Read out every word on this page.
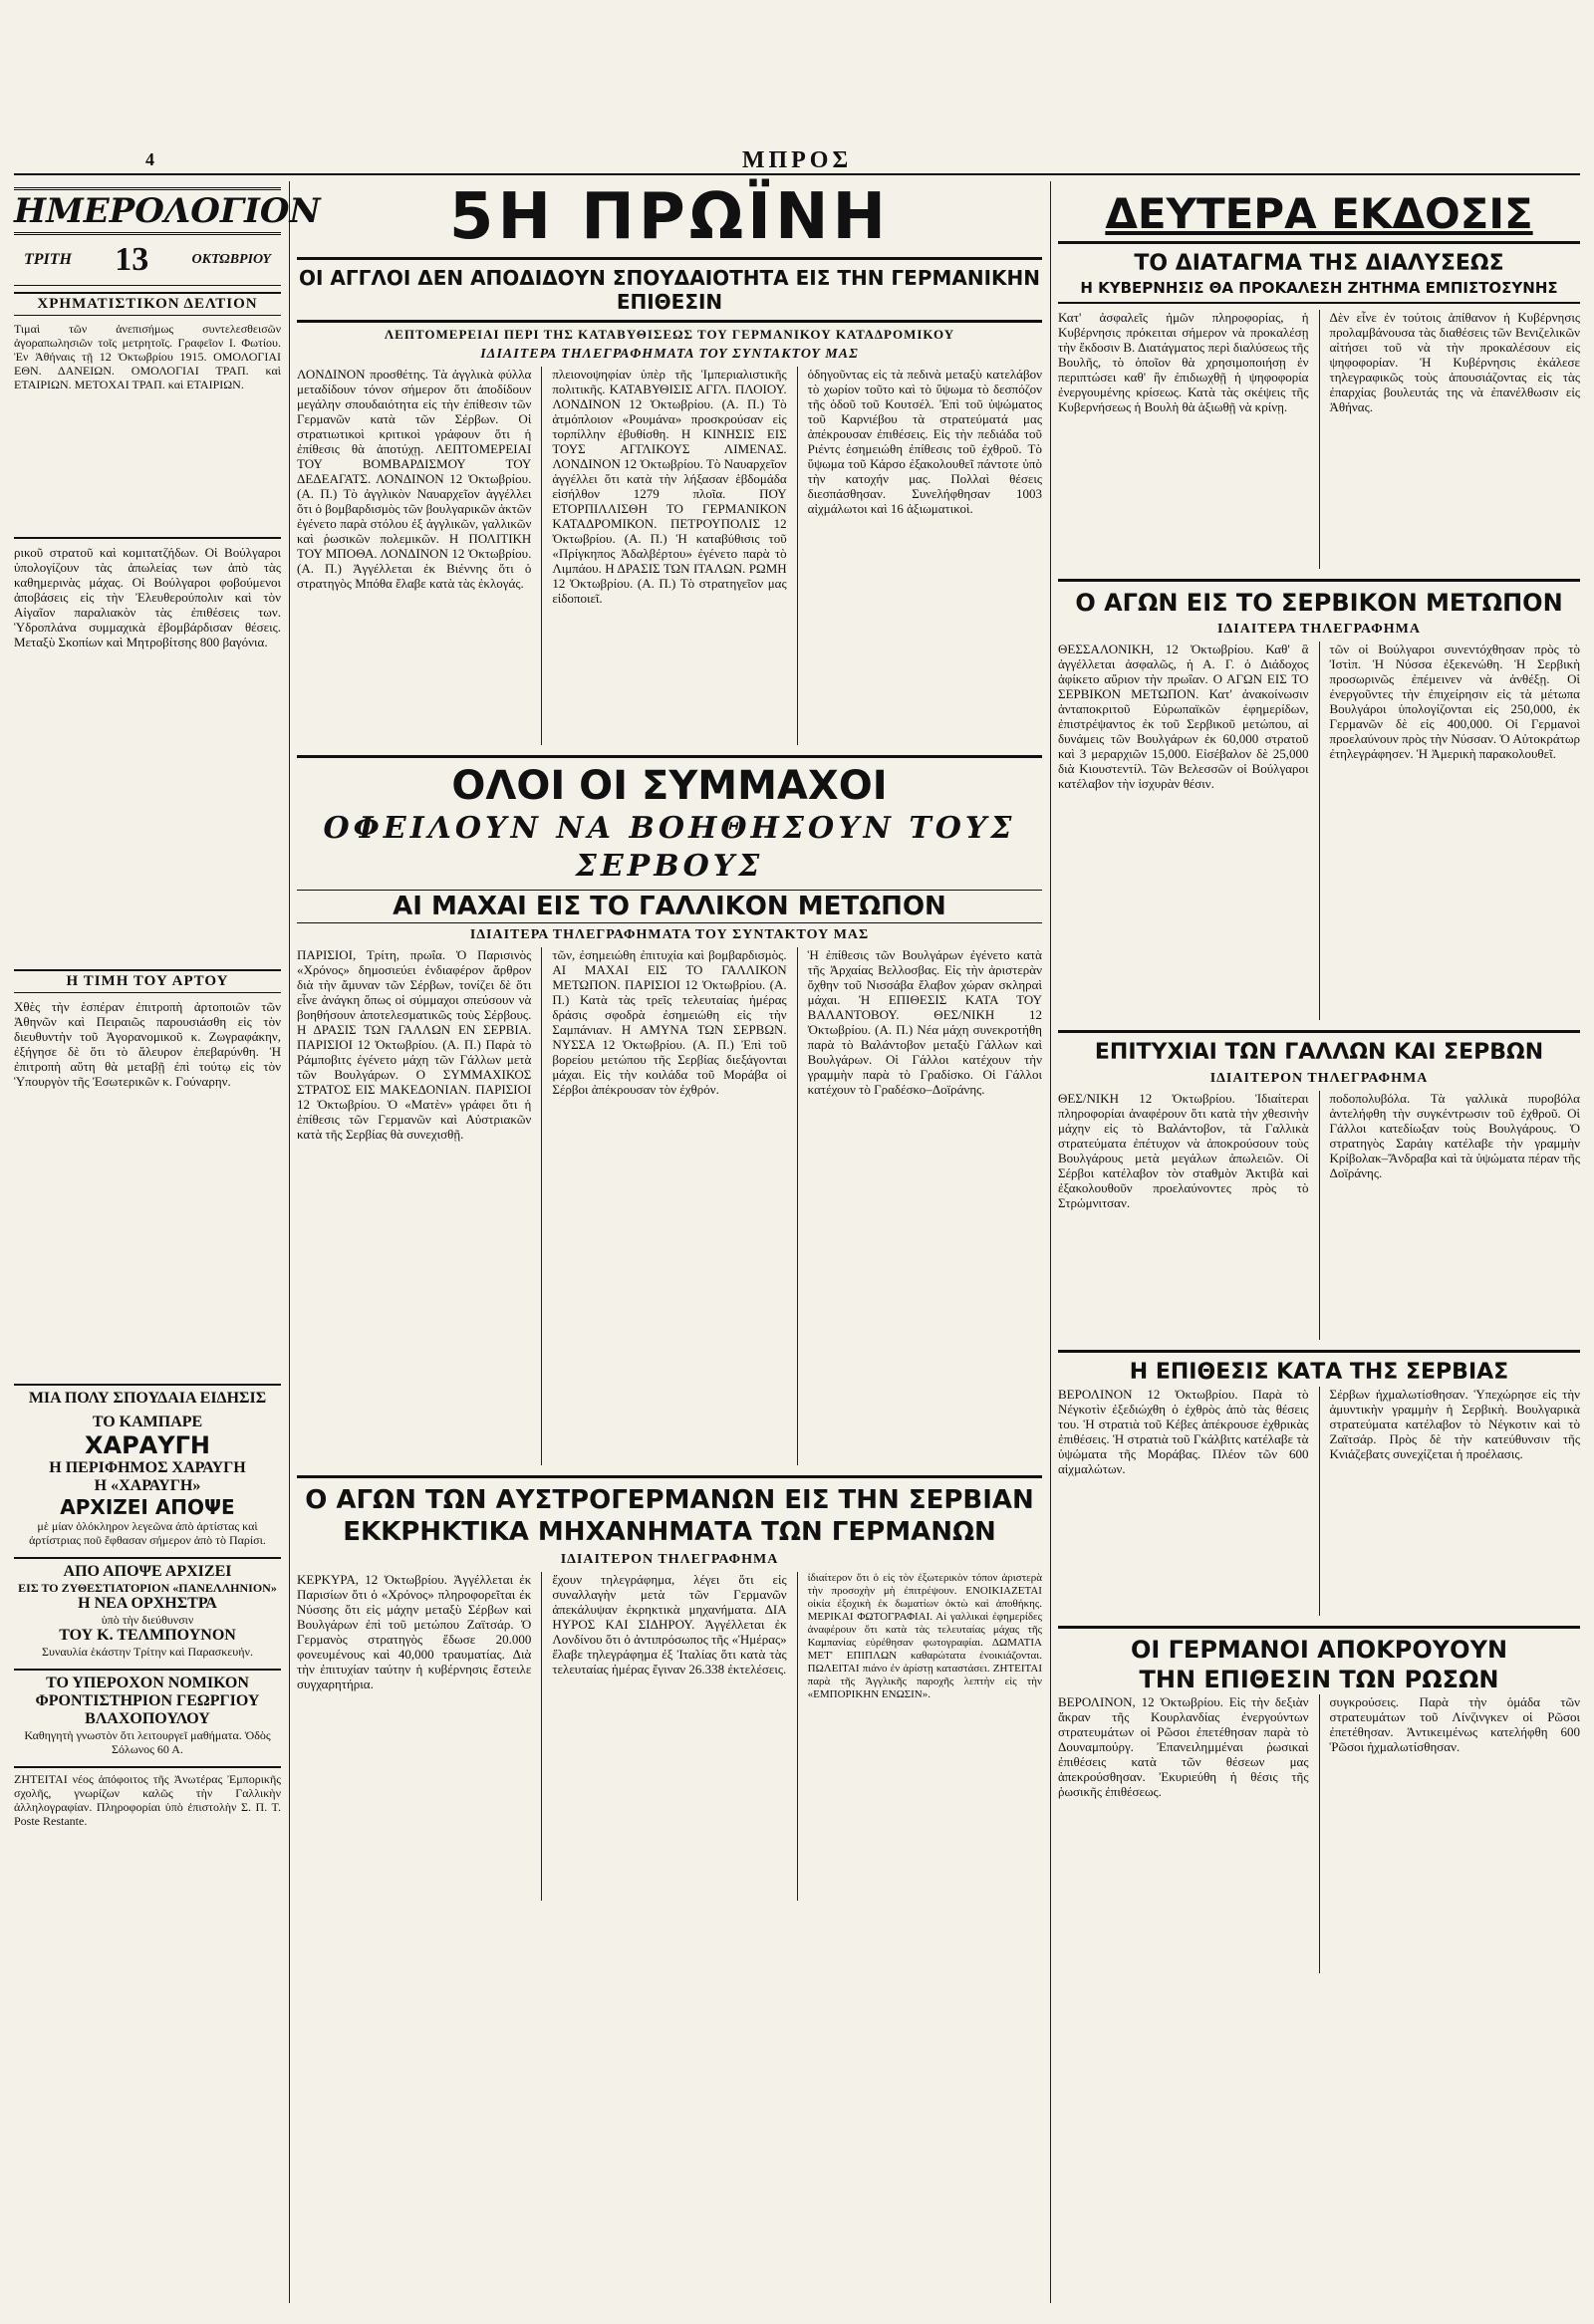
4	ΜΠΡΟΣ
ΗΜΕΡΟΛΟΓΙΟΝ
ΤΡΙΤΗ 13	ΟΚΤΩΒΡΙΟΥ
ΧΡΗΜΑΤΙΣΤΙΚΟΝ ΔΕΛΤΙΟΝ
Τιμαὶ τῶν ἀνεπισήμως συντελεσθεισῶν ἀγοραπωλησιῶν τοῖς μετρητοῖς. Γραφεῖον Ι. Φωτίου. Ἐν Ἀθήναις τῇ 12 Ὀκτωβρίου 1915. ΟΜΟΛΟΓΙΑΙ ΕΘΝ. ΔΑΝΕΙΩΝ. ΟΜΟΛΟΓΙΑΙ ΤΡΑΠ. καὶ ΕΤΑΙΡΙΩΝ. ΜΕΤΟΧΑΙ ΤΡΑΠ. καὶ ΕΤΑΙΡΙΩΝ.
ρικοῦ στρατοῦ καὶ κομιτατζήδων. Οἱ Βούλγαροι ὑπολογίζουν τὰς ἀπωλείας των ἀπὸ τὰς καθημερινὰς μάχας. Οἱ Βούλγαροι φοβούμενοι ἀποβάσεις εἰς τὴν Ἐλευθερούπολιν καὶ τὸν Αἰγαῖον παραλιακὸν τὰς ἐπιθέσεις των. Ὑδροπλάνα συμμαχικὰ ἐβομβάρδισαν θέσεις. Μεταξὺ Σκοπίων καὶ Μητροβίτσης 800 βαγόνια.
Η ΤΙΜΗ ΤΟΥ ΑΡΤΟΥ
Χθὲς τὴν ἑσπέραν ἐπιτροπὴ ἀρτοποιῶν τῶν Ἀθηνῶν καὶ Πειραιῶς παρουσιάσθη εἰς τὸν διευθυντὴν τοῦ Ἀγορανομικοῦ κ. Ζωγραφάκην, ἐξήγησε δὲ ὅτι τὸ ἄλευρον ἐπεβαρύνθη. Ἡ ἐπιτροπὴ αὕτη θὰ μεταβῇ ἐπὶ τούτῳ εἰς τὸν Ὑπουργὸν τῆς Ἐσωτερικῶν κ. Γούναρην.
ΜΙΑ ΠΟΛΥ ΣΠΟΥΔΑΙΑ ΕΙΔΗΣΙΣ
ΤΟ ΚΑΜΠΑΡΕ
ΧΑΡΑΥΓΗ
Η ΠΕΡΙΦΗΜΟΣ ΧΑΡΑΥΓΗ
Η «ΧΑΡΑΥΓΗ»
ΑΡΧΙΖΕΙ ΑΠΟΨΕ
μὲ μίαν ὁλόκληρον λεγεῶνα ἀπὸ ἀρτίστας καὶ ἀρτίστριας ποῦ ἔφθασαν σήμερον ἀπὸ τὸ Παρίσι.
ΑΠΟ ΑΠΟΨΕ ΑΡΧΙΖΕΙ
ΕΙΣ ΤΟ ΖΥΘΕΣΤΙΑΤΟΡΙΟΝ «ΠΑΝΕΛΛΗΝΙΟΝ»
Η ΝΕΑ ΟΡΧΗΣΤΡΑ
ὑπὸ τὴν διεύθυνσιν
ΤΟΥ Κ. ΤΕΛΜΠΟΥΝΟΝ
Συναυλία ἑκάστην Τρίτην καὶ Παρασκευήν.
ΤΟ ΥΠΕΡΟΧΟΝ ΝΟΜΙΚΟΝ ΦΡΟΝΤΙΣΤΗΡΙΟΝ ΓΕΩΡΓΙΟΥ ΒΛΑΧΟΠΟΥΛΟΥ
Καθηγητὴ γνωστὸν ὅτι λειτουργεῖ μαθήματα. Ὁδὸς Σόλωνος 60 Α.
ΖΗΤΕΙΤΑΙ νέος ἀπόφοιτος τῆς Ἀνωτέρας Ἐμπορικῆς σχολῆς, γνωρίζων καλῶς τὴν Γαλλικὴν ἀλληλογραφίαν. Πληροφορίαι ὑπὸ ἐπιστολὴν Σ. Π. Τ. Poste Restante.
5Η ΠΡΩΪΝΗ
ΟΙ ΑΓΓΛΟΙ ΔΕΝ ΑΠΟΔΙΔΟΥΝ ΣΠΟΥΔΑΙΟΤΗΤΑ ΕΙΣ ΤΗΝ ΓΕΡΜΑΝΙΚΗΝ ΕΠΙΘΕΣΙΝ
ΛΕΠΤΟΜΕΡΕΙΑΙ ΠΕΡΙ ΤΗΣ ΚΑΤΑΒΥΘΙΣΕΩΣ ΤΟΥ ΓΕΡΜΑΝΙΚΟΥ ΚΑΤΑΔΡΟΜΙΚΟΥ
ΙΔΙΑΙΤΕΡΑ ΤΗΛΕΓΡΑΦΗΜΑΤΑ ΤΟΥ ΣΥΝΤΑΚΤΟΥ ΜΑΣ
ΛΟΝΔΙΝΟΝ προσθέτης. Τὰ ἀγγλικὰ φύλλα μεταδίδουν τόνον σήμερον ὅτι ἀποδίδουν μεγάλην σπουδαιότητα εἰς τὴν ἐπίθεσιν τῶν Γερμανῶν κατὰ τῶν Σέρβων. Οἱ στρατιωτικοὶ κριτικοὶ γράφουν ὅτι ἡ ἐπίθεσις θὰ ἀποτύχῃ. ΛΕΠΤΟΜΕΡΕΙΑΙ ΤΟΥ ΒΟΜΒΑΡΔΙΣΜΟΥ ΤΟΥ ΔΕΔΕΑΓΑΤΣ. ΛΟΝΔΙΝΟΝ 12 Ὀκτωβρίου. (Α. Π.) Τὸ ἀγγλικὸν Ναυαρχεῖον ἀγγέλλει ὅτι ὁ βομβαρδισμὸς τῶν βουλγαρικῶν ἀκτῶν ἐγένετο παρὰ στόλου ἐξ ἀγγλικῶν, γαλλικῶν καὶ ῥωσικῶν πολεμικῶν. Η ΠΟΛΙΤΙΚΗ ΤΟΥ ΜΠΟΘΑ. ΛΟΝΔΙΝΟΝ 12 Ὀκτωβρίου. (Α. Π.) Ἀγγέλλεται ἐκ Βιέννης ὅτι ὁ στρατηγὸς Μπόθα ἔλαβε κατὰ τὰς ἐκλογάς.
πλειονοψηφίαν ὑπὲρ τῆς Ἱμπεριαλιστικῆς πολιτικῆς. ΚΑΤΑΒΥΘΙΣΙΣ ΑΓΓΛ. ΠΛΟΙΟΥ. ΛΟΝΔΙΝΟΝ 12 Ὀκτωβρίου. (Α. Π.) Τὸ ἀτμόπλοιον «Ρουμάνα» προσκρούσαν εἰς τορπίλλην ἐβυθίσθη. Η ΚΙΝΗΣΙΣ ΕΙΣ ΤΟΥΣ ΑΓΓΛΙΚΟΥΣ ΛΙΜΕΝΑΣ. ΛΟΝΔΙΝΟΝ 12 Ὀκτωβρίου. Τὸ Ναυαρχεῖον ἀγγέλλει ὅτι κατὰ τὴν λήξασαν ἑβδομάδα εἰσήλθον 1279 πλοῖα. ΠΟΥ ΕΤΟΡΠΙΛΛΙΣΘΗ ΤΟ ΓΕΡΜΑΝΙΚΟΝ ΚΑΤΑΔΡΟΜΙΚΟΝ. ΠΕΤΡΟΥΠΟΛΙΣ 12 Ὀκτωβρίου. (Α. Π.) Ἡ καταβύθισις τοῦ «Πρίγκηπος Ἀδαλβέρτου» ἐγένετο παρὰ τὸ Λιμπάου. Η ΔΡΑΣΙΣ ΤΩΝ ΙΤΑΛΩΝ. ΡΩΜΗ 12 Ὀκτωβρίου. (Α. Π.) Τὸ στρατηγεῖον μας εἰδοποιεῖ.
ὁδηγοῦντας εἰς τὰ πεδινὰ μεταξὺ κατελάβον τὸ χωρίον τοῦτο καὶ τὸ ὕψωμα τὸ δεσπόζον τῆς ὁδοῦ τοῦ Κουτσέλ. Ἐπὶ τοῦ ὑψώματος τοῦ Καρνιέβου τὰ στρατεύματά μας ἀπέκρουσαν ἐπιθέσεις. Εἰς τὴν πεδιάδα τοῦ Ριέντς ἐσημειώθη ἐπίθεσις τοῦ ἐχθροῦ. Τὸ ὕψωμα τοῦ Κάρσο ἐξακολουθεῖ πάντοτε ὑπὸ τὴν κατοχήν μας. Πολλαὶ θέσεις διεσπάσθησαν. Συνελήφθησαν 1003 αἰχμάλωτοι καὶ 16 ἀξιωματικοὶ.
ΟΛΟΙ ΟΙ ΣΥΜΜΑΧΟΙ
ΟΦΕΙΛΟΥΝ ΝΑ ΒΟΗΘΗΣΟΥΝ ΤΟΥΣ ΣΕΡΒΟΥΣ
ΑΙ ΜΑΧΑΙ ΕΙΣ ΤΟ ΓΑΛΛΙΚΟΝ ΜΕΤΩΠΟΝ
ΙΔΙΑΙΤΕΡΑ ΤΗΛΕΓΡΑΦΗΜΑΤΑ ΤΟΥ ΣΥΝΤΑΚΤΟΥ ΜΑΣ
ΠΑΡΙΣΙΟΙ, Τρίτη, πρωΐα. Ὁ Παρισινὸς «Χρόνος» δημοσιεύει ἐνδιαφέρον ἄρθρον διὰ τὴν ἄμυναν τῶν Σέρβων, τονίζει δὲ ὅτι εἶνε ἀνάγκη ὅπως οἱ σύμμαχοι σπεύσουν νὰ βοηθήσουν ἀποτελεσματικῶς τοὺς Σέρβους. Η ΔΡΑΣΙΣ ΤΩΝ ΓΑΛΛΩΝ ΕΝ ΣΕΡΒΙΑ. ΠΑΡΙΣΙΟΙ 12 Ὀκτωβρίου. (Α. Π.) Παρὰ τὸ Ράμποβιτς ἐγένετο μάχη τῶν Γάλλων μετὰ τῶν Βουλγάρων. Ο ΣΥΜΜΑΧΙΚΟΣ ΣΤΡΑΤΟΣ ΕΙΣ ΜΑΚΕΔΟΝΙΑΝ. ΠΑΡΙΣΙΟΙ 12 Ὀκτωβρίου. Ὁ «Ματὲν» γράφει ὅτι ἡ ἐπίθεσις τῶν Γερμανῶν καὶ Αὐστριακῶν κατὰ τῆς Σερβίας θὰ συνεχισθῇ.
τῶν, ἐσημειώθη ἐπιτυχία καὶ βομβαρδισμὸς. ΑΙ ΜΑΧΑΙ ΕΙΣ ΤΟ ΓΑΛΛΙΚΟΝ ΜΕΤΩΠΟΝ. ΠΑΡΙΣΙΟΙ 12 Ὀκτωβρίου. (Α. Π.) Κατὰ τὰς τρεῖς τελευταίας ἡμέρας δράσις σφοδρὰ ἐσημειώθη εἰς τὴν Σαμπάνιαν. Η ΑΜΥΝΑ ΤΩΝ ΣΕΡΒΩΝ. ΝΥΣΣΑ 12 Ὀκτωβρίου. (Α. Π.) Ἐπὶ τοῦ βορείου μετώπου τῆς Σερβίας διεξάγονται μάχαι. Εἰς τὴν κοιλάδα τοῦ Μοράβα οἱ Σέρβοι ἀπέκρουσαν τὸν ἐχθρόν.
Ἡ ἐπίθεσις τῶν Βουλγάρων ἐγένετο κατὰ τῆς Ἀρχαίας Βελλοσβας. Εἰς τὴν ἀριστερὰν ὄχθην τοῦ Νισσάβα ἔλαβον χώραν σκληραὶ μάχαι. Ἡ ΕΠΙΘΕΣΙΣ ΚΑΤΑ ΤΟΥ ΒΑΛΑΝΤΟΒΟΥ. ΘΕΣ/ΝΙΚΗ 12 Ὀκτωβρίου. (Α. Π.) Νέα μάχη συνεκροτήθη παρὰ τὸ Βαλάντοβον μεταξὺ Γάλλων καὶ Βουλγάρων. Οἱ Γάλλοι κατέχουν τὴν γραμμὴν παρὰ τὸ Γραδίσκο. Οἱ Γάλλοι κατέχουν τὸ Γραδέσκο–Δοϊράνης.
Ο ΑΓΩΝ ΤΩΝ ΑΥΣΤΡΟΓΕΡΜΑΝΩΝ ΕΙΣ ΤΗΝ ΣΕΡΒΙΑΝ
ΕΚΚΡΗΚΤΙΚΑ ΜΗΧΑΝΗΜΑΤΑ ΤΩΝ ΓΕΡΜΑΝΩΝ
ΙΔΙΑΙΤΕΡΟΝ ΤΗΛΕΓΡΑΦΗΜΑ
ΚΕΡΚΥΡΑ, 12 Ὀκτωβρίου. Ἀγγέλλεται ἐκ Παρισίων ὅτι ὁ «Χρόνος» πληροφορεῖται ἐκ Νύσσης ὅτι εἰς μάχην μεταξὺ Σέρβων καὶ Βουλγάρων ἐπὶ τοῦ μετώπου Ζαϊτσάρ. Ὁ Γερμανὸς στρατηγὸς ἔδωσε 20.000 φονευμένους καὶ 40,000 τραυματίας. Διὰ τὴν ἐπιτυχίαν ταύτην ἡ κυβέρνησις ἔστειλε συγχαρητήρια.
ἔχουν τηλεγράφημα, λέγει ὅτι εἰς συναλλαγὴν μετὰ τῶν Γερμανῶν ἀπεκάλυψαν ἐκρηκτικὰ μηχανήματα. ΔΙΑ ΗΥΡΟΣ ΚΑΙ ΣΙΔΗΡΟΥ. Ἀγγέλλεται ἐκ Λονδίνου ὅτι ὁ ἀντιπρόσωπος τῆς «Ἡμέρας» ἔλαβε τηλεγράφημα ἐξ Ἰταλίας ὅτι κατὰ τὰς τελευταίας ἡμέρας ἔγιναν 26.338 ἐκτελέσεις.
ἰδιαίτερον ὅτι ὁ εἰς τὸν ἐξωτερικὸν τόπον ἀριστερὰ τὴν προσοχὴν μὴ ἐπιτρέψουν. ΕΝΟΙΚΙΑΖΕΤΑΙ οἰκία ἐξοχικὴ ἐκ δωματίων ὀκτὼ καὶ ἀποθήκης. ΜΕΡΙΚΑΙ ΦΩΤΟΓΡΑΦΙΑΙ. Αἱ γαλλικαὶ ἐφημερίδες ἀναφέρουν ὅτι κατὰ τὰς τελευταίας μάχας τῆς Καμπανίας εὑρέθησαν φωτογραφίαι. ΔΩΜΑΤΙΑ ΜΕΤ' ΕΠΙΠΛΩΝ καθαρώτατα ἐνοικιάζονται. ΠΩΛΕΙΤΑΙ πιάνο ἐν ἀρίστῃ καταστάσει. ΖΗΤΕΙΤΑΙ παρὰ τῆς Ἀγγλικῆς παροχῆς λεπτὴν εἰς τὴν «ΕΜΠΟΡΙΚΗΝ ΕΝΩΣΙΝ».
ΔΕΥΤΕΡΑ ΕΚΔΟΣΙΣ
ΤΟ ΔΙΑΤΑΓΜΑ ΤΗΣ ΔΙΑΛΥΣΕΩΣ
Η ΚΥΒΕΡΝΗΣΙΣ ΘΑ ΠΡΟΚΑΛΕΣΗ ΖΗΤΗΜΑ ΕΜΠΙΣΤΟΣΥΝΗΣ
Κατ' ἀσφαλεῖς ἡμῶν πληροφορίας, ἡ Κυβέρνησις πρόκειται σήμερον νὰ προκαλέσῃ τὴν ἔκδοσιν Β. Διατάγματος περὶ διαλύσεως τῆς Βουλῆς, τὸ ὁποῖον θὰ χρησιμοποιήσῃ ἐν περιπτώσει καθ' ἣν ἐπιδιωχθῇ ἡ ψηφοφορία ἐνεργουμένης κρίσεως. Κατὰ τὰς σκέψεις τῆς Κυβερνήσεως ἡ Βουλὴ θὰ ἀξιωθῇ νὰ κρίνῃ.
Δὲν εἶνε ἐν τούτοις ἀπίθανον ἡ Κυβέρνησις προλαμβάνουσα τὰς διαθέσεις τῶν Βενιζελικῶν αἰτήσει τοῦ νὰ τὴν προκαλέσουν εἰς ψηφοφορίαν. Ἡ Κυβέρνησις ἐκάλεσε τηλεγραφικῶς τοὺς ἀπουσιάζοντας εἰς τὰς ἐπαρχίας βουλευτάς της νὰ ἐπανέλθωσιν εἰς Ἀθήνας.
Ο ΑΓΩΝ ΕΙΣ ΤΟ ΣΕΡΒΙΚΟΝ ΜΕΤΩΠΟΝ
ΙΔΙΑΙΤΕΡΑ ΤΗΛΕΓΡΑΦΗΜΑ
ΘΕΣΣΑΛΟΝΙΚΗ, 12 Ὀκτωβρίου. Καθ' ἃ ἀγγέλλεται ἀσφαλῶς, ἡ Α. Γ. ὁ Διάδοχος ἀφίκετο αὔριον τὴν πρωΐαν. Ο ΑΓΩΝ ΕΙΣ ΤΟ ΣΕΡΒΙΚΟΝ ΜΕΤΩΠΟΝ. Κατ' ἀνακοίνωσιν ἀνταποκριτοῦ Εὐρωπαϊκῶν ἐφημερίδων, ἐπιστρέψαντος ἐκ τοῦ Σερβικοῦ μετώπου, αἱ δυνάμεις τῶν Βουλγάρων ἐκ 60,000 στρατοῦ καὶ 3 μεραρχιῶν 15,000. Εἰσέβαλον δὲ 25,000 διὰ Κιουστεντίλ. Τῶν Βελεσσῶν οἱ Βούλγαροι κατέλαβον τὴν ἰσχυρὰν θέσιν.
τῶν οἱ Βούλγαροι συνεντόχθησαν πρὸς τὸ Ἰστὶπ. Ἡ Νύσσα ἐξεκενώθη. Ἡ Σερβικὴ προσωρινῶς ἐπέμεινεν νὰ ἀνθέξῃ. Οἱ ἐνεργοῦντες τὴν ἐπιχείρησιν εἰς τὰ μέτωπα Βουλγάροι ὑπολογίζονται εἰς 250,000, ἐκ Γερμανῶν δὲ εἰς 400,000. Οἱ Γερμανοὶ προελαύνουν πρὸς τὴν Νύσσαν. Ὁ Αὐτοκράτωρ ἐτηλεγράφησεν. Ἡ Ἀμερικὴ παρακολουθεῖ.
ΕΠΙΤΥΧΙΑΙ ΤΩΝ ΓΑΛΛΩΝ ΚΑΙ ΣΕΡΒΩΝ
ΙΔΙΑΙΤΕΡΟΝ ΤΗΛΕΓΡΑΦΗΜΑ
ΘΕΣ/ΝΙΚΗ 12 Ὀκτωβρίου. Ἰδιαίτεραι πληροφορίαι ἀναφέρουν ὅτι κατὰ τὴν χθεσινὴν μάχην εἰς τὸ Βαλάντοβον, τὰ Γαλλικὰ στρατεύματα ἐπέτυχον νὰ ἀποκρούσουν τοὺς Βουλγάρους μετὰ μεγάλων ἀπωλειῶν. Οἱ Σέρβοι κατέλαβον τὸν σταθμὸν Ἀκτιβὰ καὶ ἐξακολουθοῦν προελαύνοντες πρὸς τὸ Στρώμνιτσαν.
ποδοπολυβόλα. Τὰ γαλλικὰ πυροβόλα ἀντελήφθη τὴν συγκέντρωσιν τοῦ ἐχθροῦ. Οἱ Γάλλοι κατεδίωξαν τοὺς Βουλγάρους. Ὁ στρατηγὸς Σαράιγ κατέλαβε τὴν γραμμὴν Κρίβολακ–Ἄνδραβα καὶ τὰ ὑψώματα πέραν τῆς Δοϊράνης.
Η ΕΠΙΘΕΣΙΣ ΚΑΤΑ ΤΗΣ ΣΕΡΒΙΑΣ
ΒΕΡΟΛΙΝΟΝ 12 Ὀκτωβρίου. Παρὰ τὸ Νέγκοτὶν ἐξεδιώχθη ὁ ἐχθρὸς ἀπὸ τὰς θέσεις του. Ἡ στρατιὰ τοῦ Κέβες ἀπέκρουσε ἐχθρικὰς ἐπιθέσεις. Ἡ στρατιὰ τοῦ Γκάλβιτς κατέλαβε τὰ ὑψώματα τῆς Μοράβας. Πλέον τῶν 600 αἰχμαλώτων.
Σέρβων ἠχμαλωτίσθησαν. Ὑπεχώρησε εἰς τὴν ἀμυντικὴν γραμμὴν ἡ Σερβικὴ. Βουλγαρικὰ στρατεύματα κατέλαβον τὸ Νέγκοτιν καὶ τὸ Ζαϊτσάρ. Πρὸς δὲ τὴν κατεύθυνσιν τῆς Κνιάζεβατς συνεχίζεται ἡ προέλασις.
ΟΙ ΓΕΡΜΑΝΟΙ ΑΠΟΚΡΟΥΟΥΝ
ΤΗΝ ΕΠΙΘΕΣΙΝ ΤΩΝ ΡΩΣΩΝ
ΒΕΡΟΛΙΝΟΝ, 12 Ὀκτωβρίου. Εἰς τὴν δεξιὰν ἄκραν τῆς Κουρλανδίας ἐνεργούντων στρατευμάτων οἱ Ρῶσοι ἐπετέθησαν παρὰ τὸ Δουναμπούργ. Ἐπανειλημμέναι ῥωσικαὶ ἐπιθέσεις κατὰ τῶν θέσεων μας ἀπεκρούσθησαν. Ἐκυριεύθη ἡ θέσις τῆς ῥωσικῆς ἐπιθέσεως.
συγκρούσεις. Παρὰ τὴν ὁμάδα τῶν στρατευμάτων τοῦ Λίνζινγκεν οἱ Ρῶσοι ἐπετέθησαν. Ἀντικειμένως κατελήφθη 600 Ῥῶσοι ἠχμαλωτίσθησαν.
